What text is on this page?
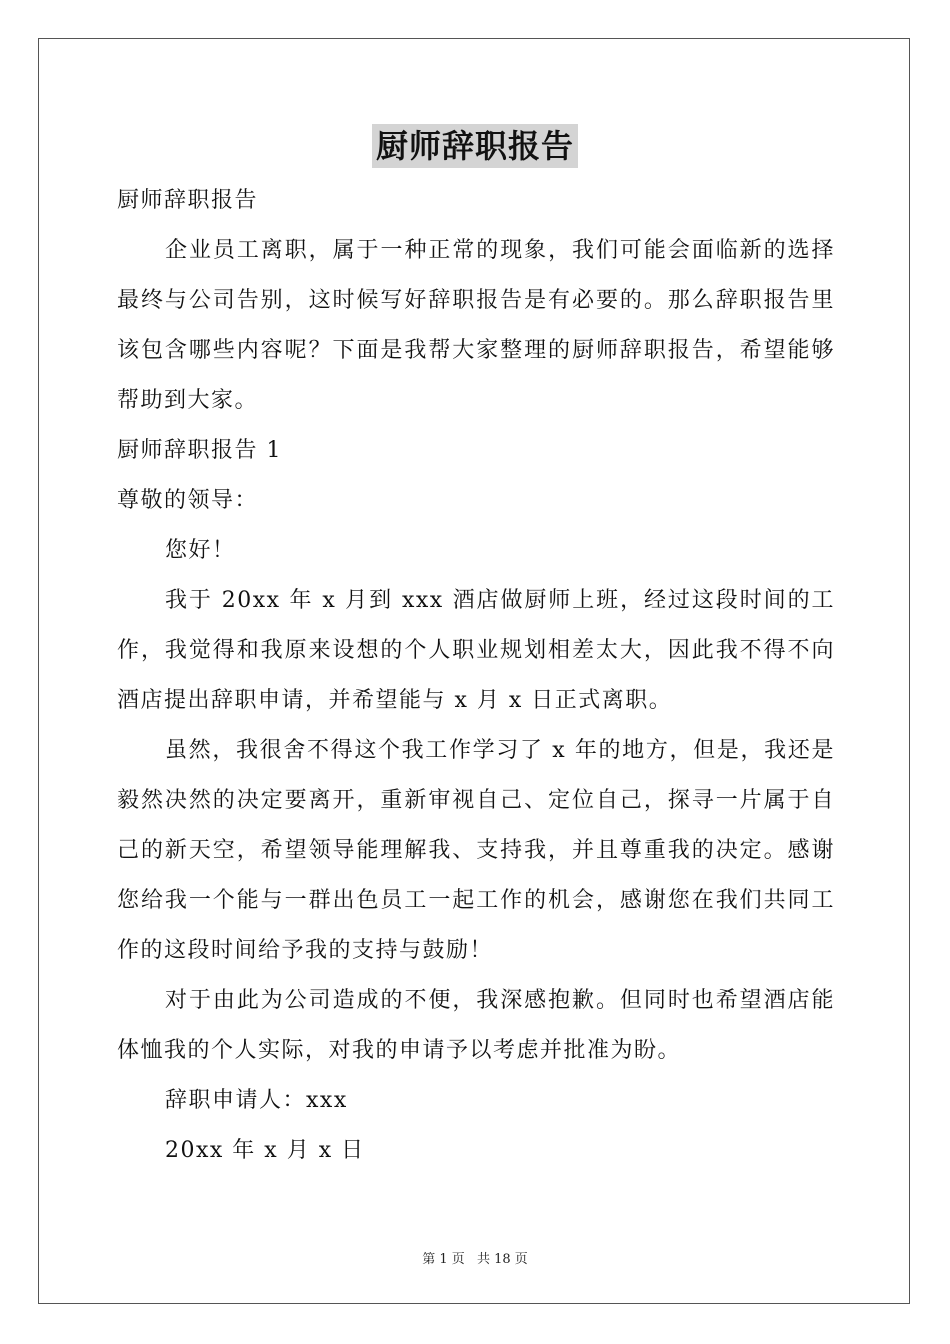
厨师辞职报告

厨师辞职报告

企业员工离职，属于一种正常的现象，我们可能会面临新的选择最终与公司告别，这时候写好辞职报告是有必要的。那么辞职报告里该包含哪些内容呢？下面是我帮大家整理的厨师辞职报告，希望能够帮助到大家。

厨师辞职报告 1

尊敬的领导：

您好！

我于 20xx 年 x 月到 xxx 酒店做厨师上班，经过这段时间的工作，我觉得和我原来设想的个人职业规划相差太大，因此我不得不向酒店提出辞职申请，并希望能与 x 月 x 日正式离职。

虽然，我很舍不得这个我工作学习了 x 年的地方，但是，我还是毅然决然的决定要离开，重新审视自己、定位自己，探寻一片属于自己的新天空，希望领导能理解我、支持我，并且尊重我的决定。感谢您给我一个能与一群出色员工一起工作的机会，感谢您在我们共同工作的这段时间给予我的支持与鼓励！

对于由此为公司造成的不便，我深感抱歉。但同时也希望酒店能体恤我的个人实际，对我的申请予以考虑并批准为盼。

辞职申请人：xxx

20xx 年 x 月 x 日

第 1 页 共 18 页
